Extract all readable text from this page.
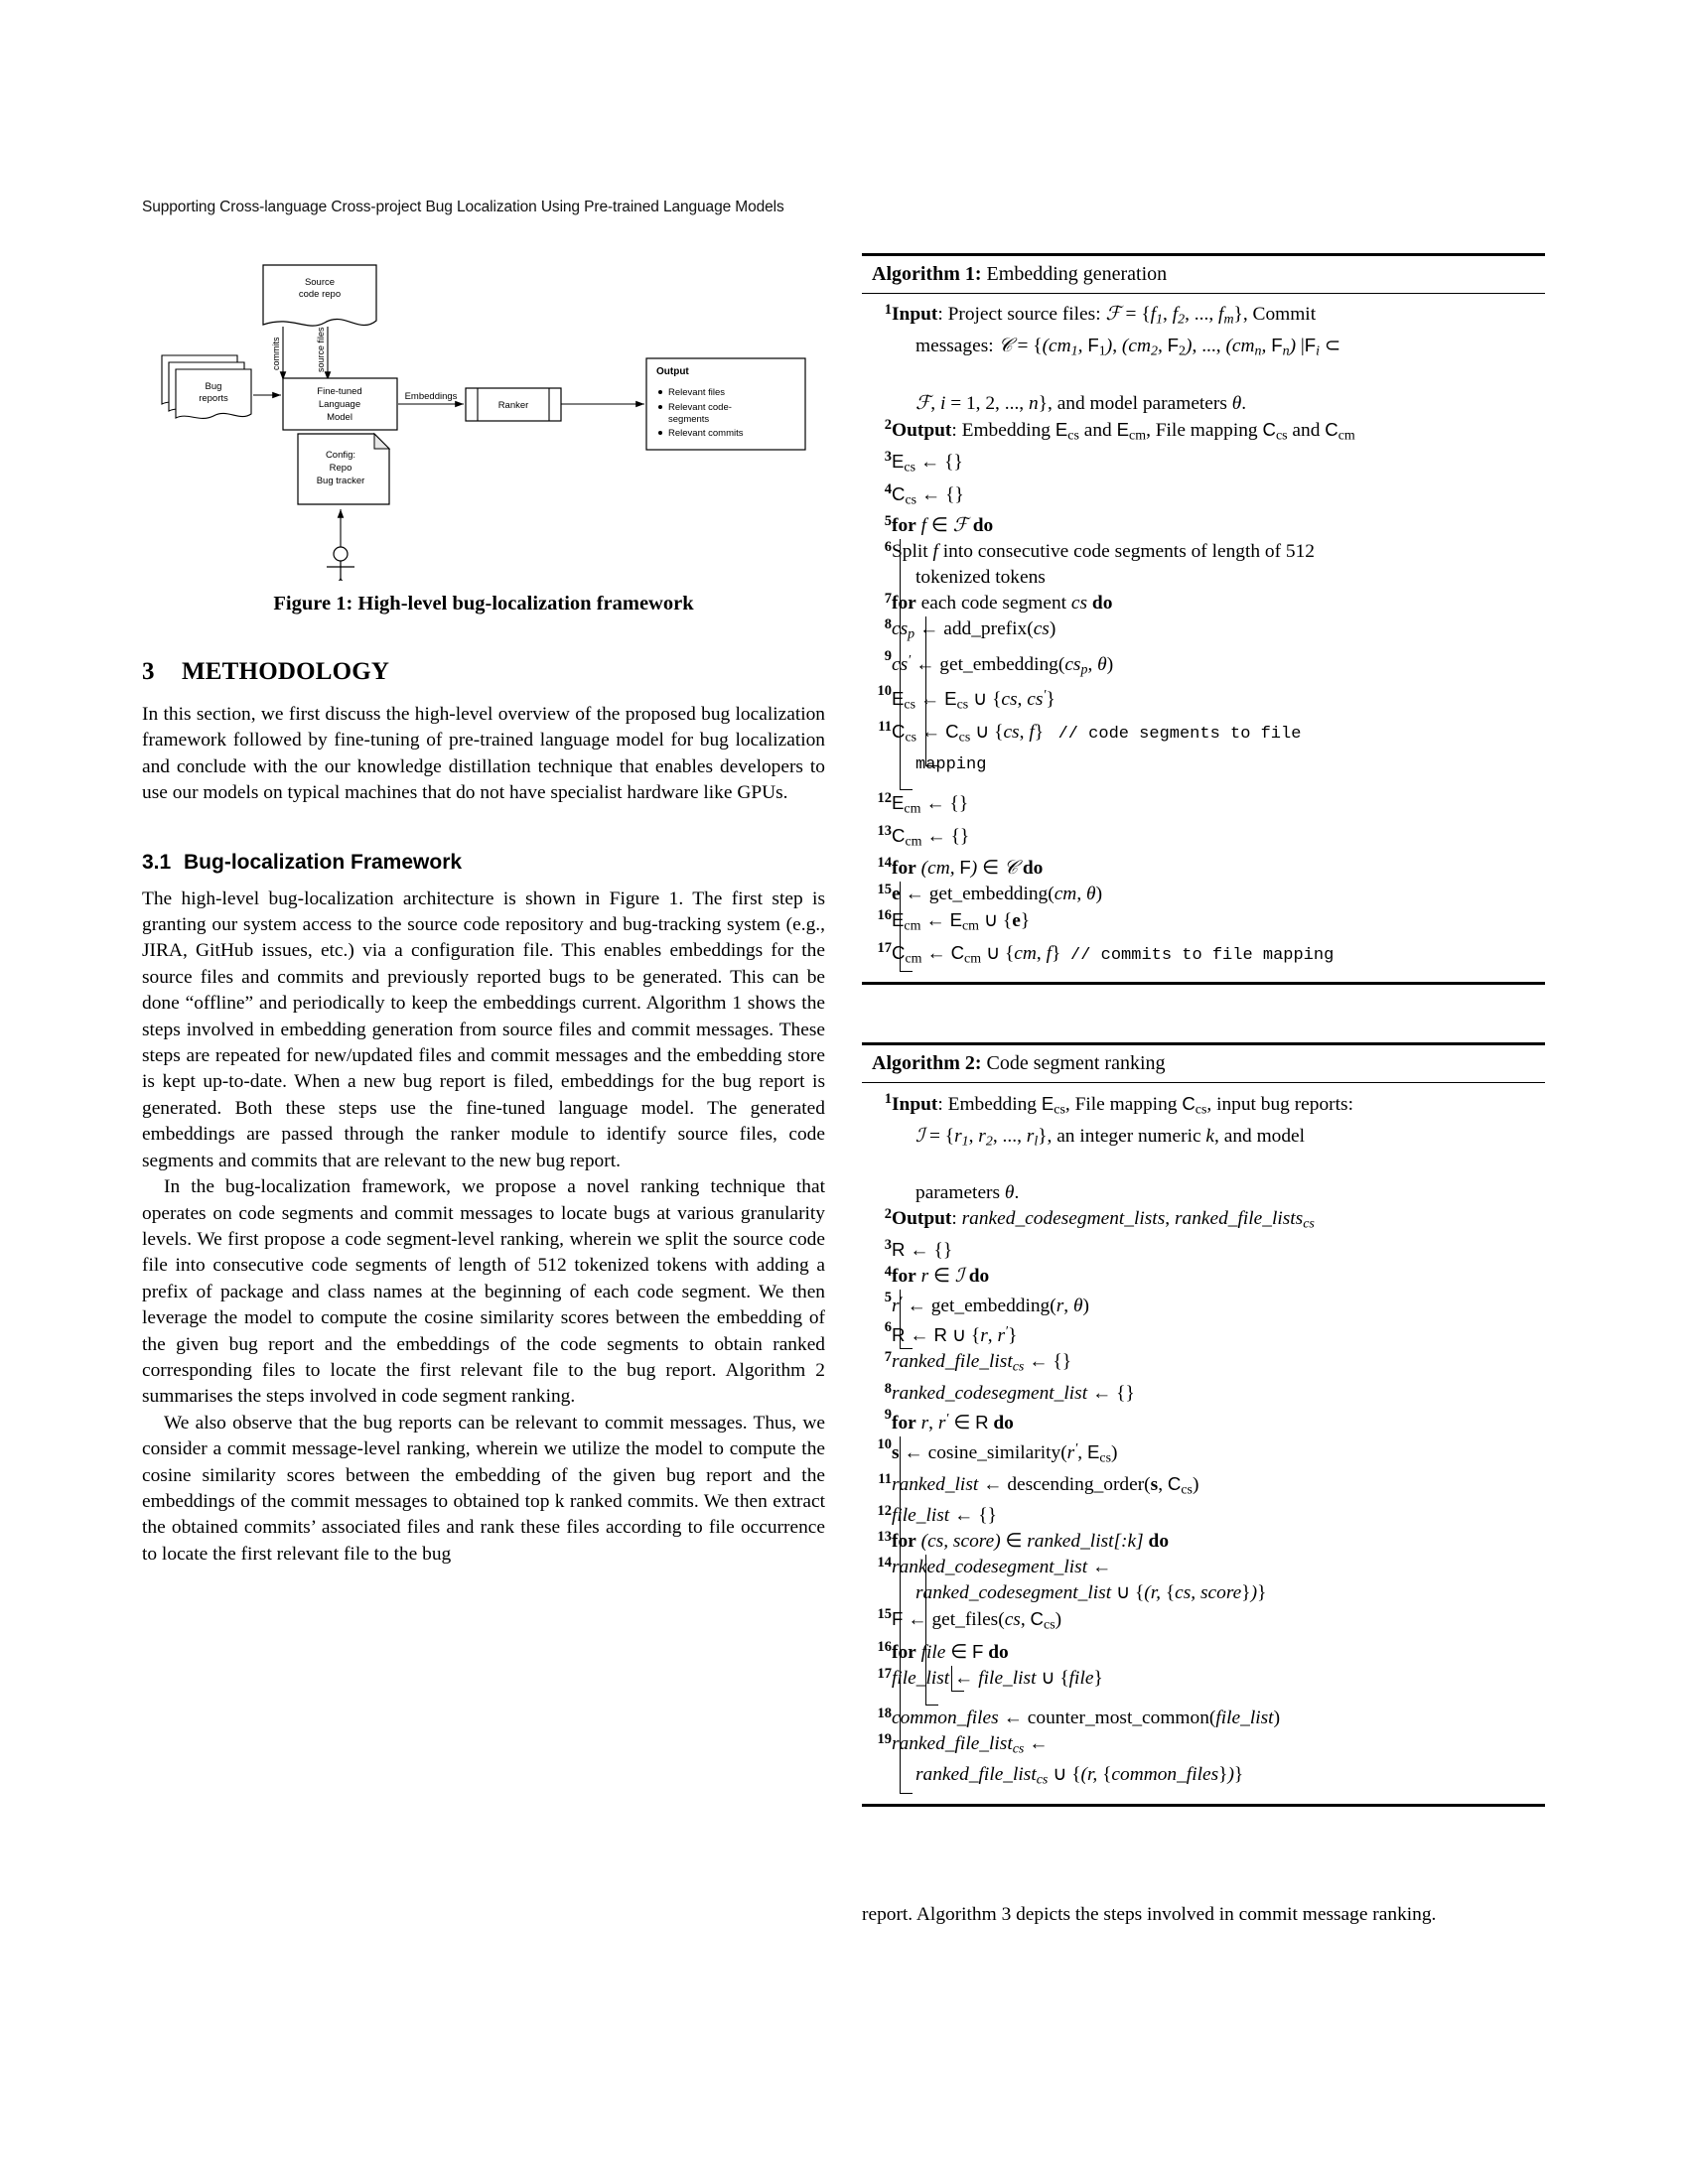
Supporting Cross-language Cross-project Bug Localization Using Pre-trained Language Models
Source
code repo
commits	source files
Bug
reports
Fine-tuned
Language
Model
Embeddings
Ranker
Output
Relevant files
Relevant code-
segments
Relevant commits
Config:
Repo
Bug tracker
Figure 1: High-level bug-localization framework
3 METHODOLOGY

In this section, we first discuss the high-level overview of the proposed bug localization framework followed by fine-tuning of pre-trained language model for bug localization and conclude with the our knowledge distillation technique that enables developers to use our models on typical machines that do not have specialist hardware like GPUs.

3.1 Bug-localization Framework

The high-level bug-localization architecture is shown in Figure 1. The first step is granting our system access to the source code repository and bug-tracking system (e.g., JIRA, GitHub issues, etc.) via a configuration file. This enables embeddings for the source files and commits and previously reported bugs to be generated. This can be done “offline” and periodically to keep the embeddings current. Algorithm 1 shows the steps involved in embedding generation from source files and commit messages. These steps are repeated for new/updated files and commit messages and the embedding store is kept up-to-date. When a new bug report is filed, embeddings for the bug report is generated. Both these steps use the fine-tuned language model. The generated embeddings are passed through the ranker module to identify source files, code segments and commits that are relevant to the new bug report.

In the bug-localization framework, we propose a novel ranking technique that operates on code segments and commit messages to locate bugs at various granularity levels. We first propose a code segment-level ranking, wherein we split the source code file into consecutive code segments of length of 512 tokenized tokens with adding a prefix of package and class names at the beginning of each code segment. We then leverage the model to compute the cosine similarity scores between the embedding of the given bug report and the embeddings of the code segments to obtain ranked corresponding files to locate the first relevant file to the bug report. Algorithm 2 summarises the steps involved in code segment ranking.

We also observe that the bug reports can be relevant to commit messages. Thus, we consider a commit message-level ranking, wherein we utilize the model to compute the cosine similarity scores between the embedding of the given bug report and the embeddings of the commit messages to obtained top k ranked commits. We then extract the obtained commits’ associated files and rank these files according to file occurrence to locate the first relevant file to the bug

Algorithm 1: Embedding generation
1	Input: Project source files: ℱ = {$f_1$, $f_2$, ..., $f_m$}, Commit

messages: 𝒞 = {($cm_1$, $F_1$), ($cm_2$, $F_2$), ..., ($cm_n$, $F_n$) $|F_i$ ⊂

ℱ, i = 1, 2, ..., n}, and model parameters θ.

2	Output: Embedding $E_{cs}$ and $E_{cm}$, File mapping $C_{cs}$ and $C_{cm}$
3	$E_{cs}$ ← {}
4	$C_{cs}$ ← {}
5	for f ∈ ℱ do
6	Split f into consecutive code segments of length of 512

tokenized tokens

7	for each code segment cs do
8	$cs_p$ ← add_prefix(cs)
9	cs′ ← $get\_embedding(cs_p$, θ)
10	$E_{cs}$ ← $E_{cs}$ ∪ {cs, cs′}
11	$C_{cs}$ ← $C_{cs}$ ∪ {cs, f}   // code segments to file

mapping

12	$E_{cm}$ ← {}
13	$C_{cm}$ ← {}
14	for (cm, F) ∈ 𝒞 do
15	e ← get_embedding(cm, θ)
16	$E_{cm}$ ← $E_{cm}$ ∪ {e}
17	$C_{cm}$ ← $C_{cm}$ ∪ {cm, f}  // commits to file mapping
Algorithm 2: Code segment ranking
1	Input: Embedding $E_{cs}$, File mapping $C_{cs}$, input bug reports:

ℐ = {$r_1$, $r_2$, ..., $r_l$}, an integer numeric k, and model

parameters θ.

2	Output: ranked_codesegment_lists, ranked_file_lists$_{cs}$
3	R ← {}
4	for r ∈ ℐ do
5	r′ ← get_embedding(r, θ)
6	R ← R ∪ {r, r′}
7	ranked_file_list$_{cs}$ ← {}
8	ranked_codesegment_list ← {}
9	for r, r′ ∈ R do
10	s ← cosine_similarity(r′, $E_{cs}$)
11	ranked_list ← descending_order(s, $C_{cs}$)
12	file_list ← {}
13	for (cs, score) ∈ ranked_list[:k] do
14	ranked_codesegment_list ←

ranked_codesegment_list ∪ {(r, {cs, score})}

15	F ← get_files(cs, $C_{cs}$)
16	for file ∈ F do
17	file_list ← file_list ∪ {file}

18	common_files ← counter_most_common(file_list)
19	ranked_file_list$_{cs}$ ←

ranked_file_list$_{cs}$ ∪ {(r, {common_files})}

report. Algorithm 3 depicts the steps involved in commit message ranking.
